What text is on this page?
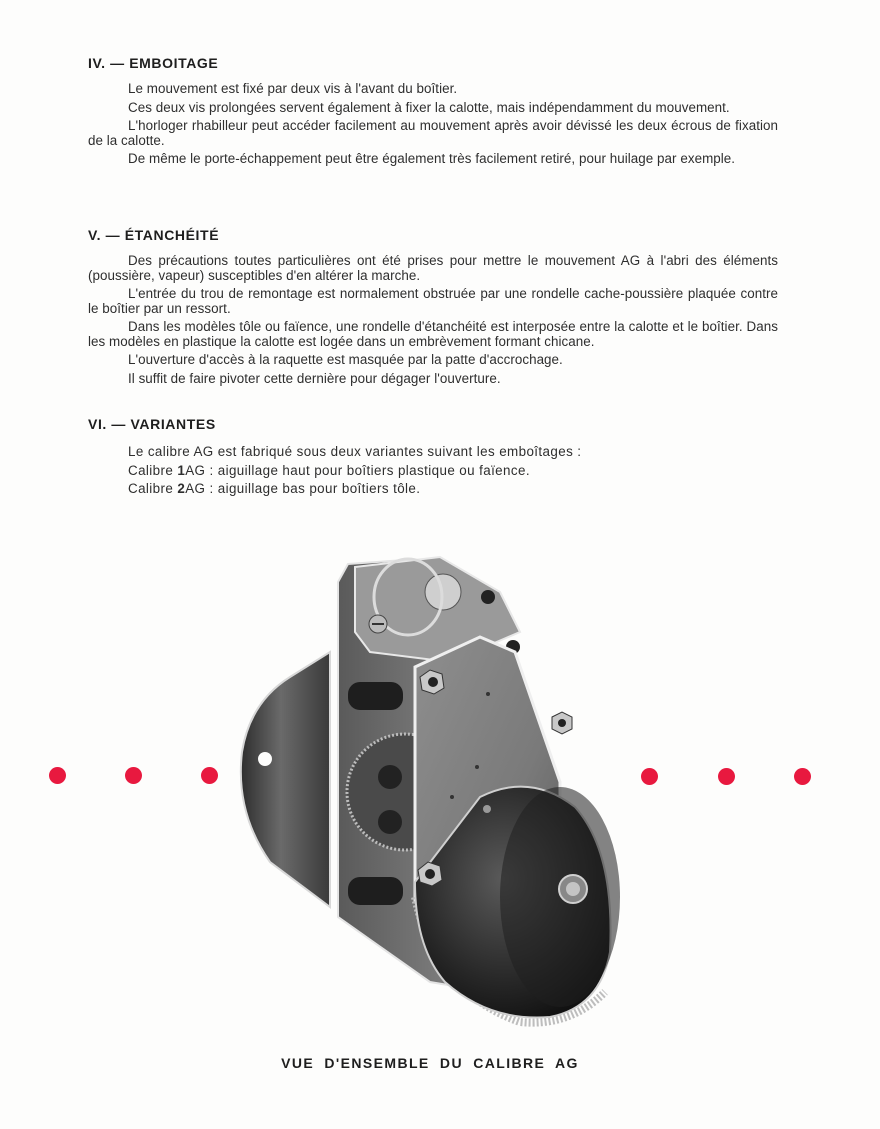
IV. — EMBOITAGE

Le mouvement est fixé par deux vis à l'avant du boîtier.

Ces deux vis prolongées servent également à fixer la calotte, mais indépendamment du mouvement.

L'horloger rhabilleur peut accéder facilement au mouvement après avoir dévissé les deux écrous de fixation de la calotte.

De même le porte-échappement peut être également très facilement retiré, pour huilage par exemple.

V. — ÉTANCHÉITÉ

Des précautions toutes particulières ont été prises pour mettre le mouvement AG à l'abri des éléments (poussière, vapeur) susceptibles d'en altérer la marche.

L'entrée du trou de remontage est normalement obstruée par une rondelle cache-poussière plaquée contre le boîtier par un ressort.

Dans les modèles tôle ou faïence, une rondelle d'étanchéité est interposée entre la calotte et le boîtier. Dans les modèles en plastique la calotte est logée dans un embrèvement formant chicane.

L'ouverture d'accès à la raquette est masquée par la patte d'accrochage.

Il suffit de faire pivoter cette dernière pour dégager l'ouverture.

VI. — VARIANTES
Le calibre AG est fabriqué sous deux variantes suivant les emboîtages :
Calibre 1AG : aiguillage haut pour boîtiers plastique ou faïence.
Calibre 2AG : aiguillage bas pour boîtiers tôle.
VUE D'ENSEMBLE DU CALIBRE AG
